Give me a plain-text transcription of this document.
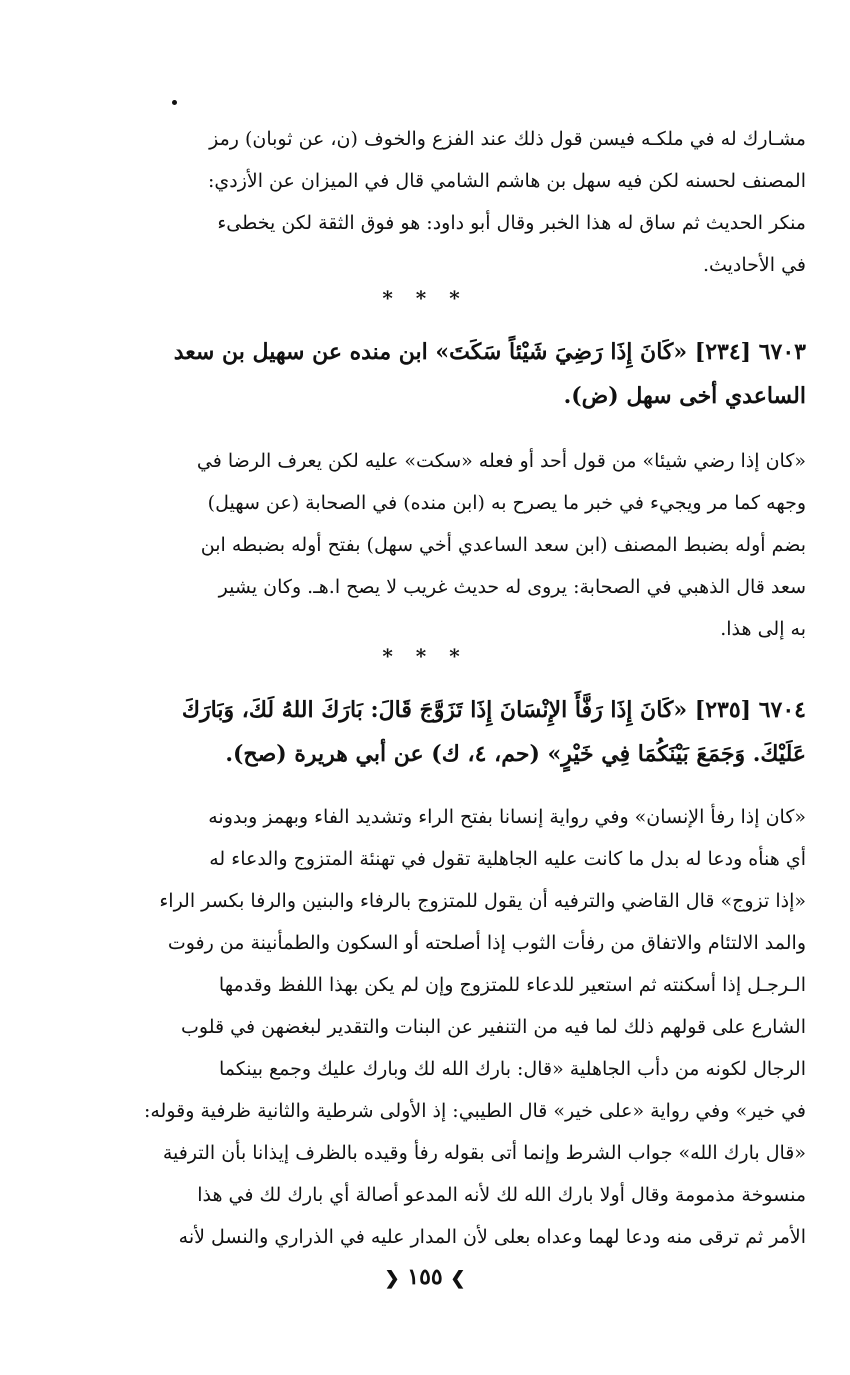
مشـارك له في ملكـه فيسن قول ذلك عند الفزع والخوف (ن، عن ثوبان) رمز
المصنف لحسنه لكن فيه سهل بن هاشم الشامي قال في الميزان عن الأزدي:
منكر الحديث ثم ساق له هذا الخبر وقال أبو داود: هو فوق الثقة لكن يخطىء
في الأحاديث.
* * *
٦٧٠٣ [٢٣٤] «كَانَ إِذَا رَضِيَ شَيْئاً سَكَتَ» ابن منده عن سهيل بن سعد
الساعدي أخى سهل (ض).
«كان إذا رضي شيئا» من قول أحد أو فعله «سكت» عليه لكن يعرف الرضا في
وجهه كما مر ويجيء في خبر ما يصرح به (ابن منده) في الصحابة (عن سهيل)
بضم أوله بضبط المصنف (ابن سعد الساعدي أخي سهل) بفتح أوله بضبطه ابن
سعد قال الذهبي في الصحابة: يروى له حديث غريب لا يصح ا.هـ. وكان يشير
به إلى هذا.
* * *
٦٧٠٤ [٢٣٥] «كَانَ إِذَا رَفَّأَ الإِنْسَانَ إِذَا تَزَوَّجَ قَالَ: بَارَكَ اللهُ لَكَ، وَبَارَكَ
عَلَيْكَ. وَجَمَعَ بَيْنَكُمَا فِي خَيْرٍ» (حم، ٤، ك) عن أبي هريرة (صح).
«كان إذا رفأ الإنسان» وفي رواية إنسانا بفتح الراء وتشديد الفاء وبهمز وبدونه
أي هنأه ودعا له بدل ما كانت عليه الجاهلية تقول في تهنئة المتزوج والدعاء له
«إذا تزوج» قال القاضي والترفيه أن يقول للمتزوج بالرفاء والبنين والرفا بكسر الراء
والمد الالتئام والاتفاق من رفأت الثوب إذا أصلحته أو السكون والطمأنينة من رفوت
الـرجـل إذا أسكنته ثم استعير للدعاء للمتزوج وإن لم يكن بهذا اللفظ وقدمها
الشارع على قولهم ذلك لما فيه من التنفير عن البنات والتقدير لبغضهن في قلوب
الرجال لكونه من دأب الجاهلية «قال: بارك الله لك وبارك عليك وجمع بينكما
في خير» وفي رواية «على خير» قال الطيبي: إذ الأولى شرطية والثانية ظرفية وقوله:
«قال بارك الله» جواب الشرط وإنما أتى بقوله رفأ وقيده بالظرف إيذانا بأن الترفية
منسوخة مذمومة وقال أولا بارك الله لك لأنه المدعو أصالة أي بارك لك في هذا
الأمر ثم ترقى منه ودعا لهما وعداه بعلى لأن المدار عليه في الذراري والنسل لأنه
❯ ١٥٥ ❮
